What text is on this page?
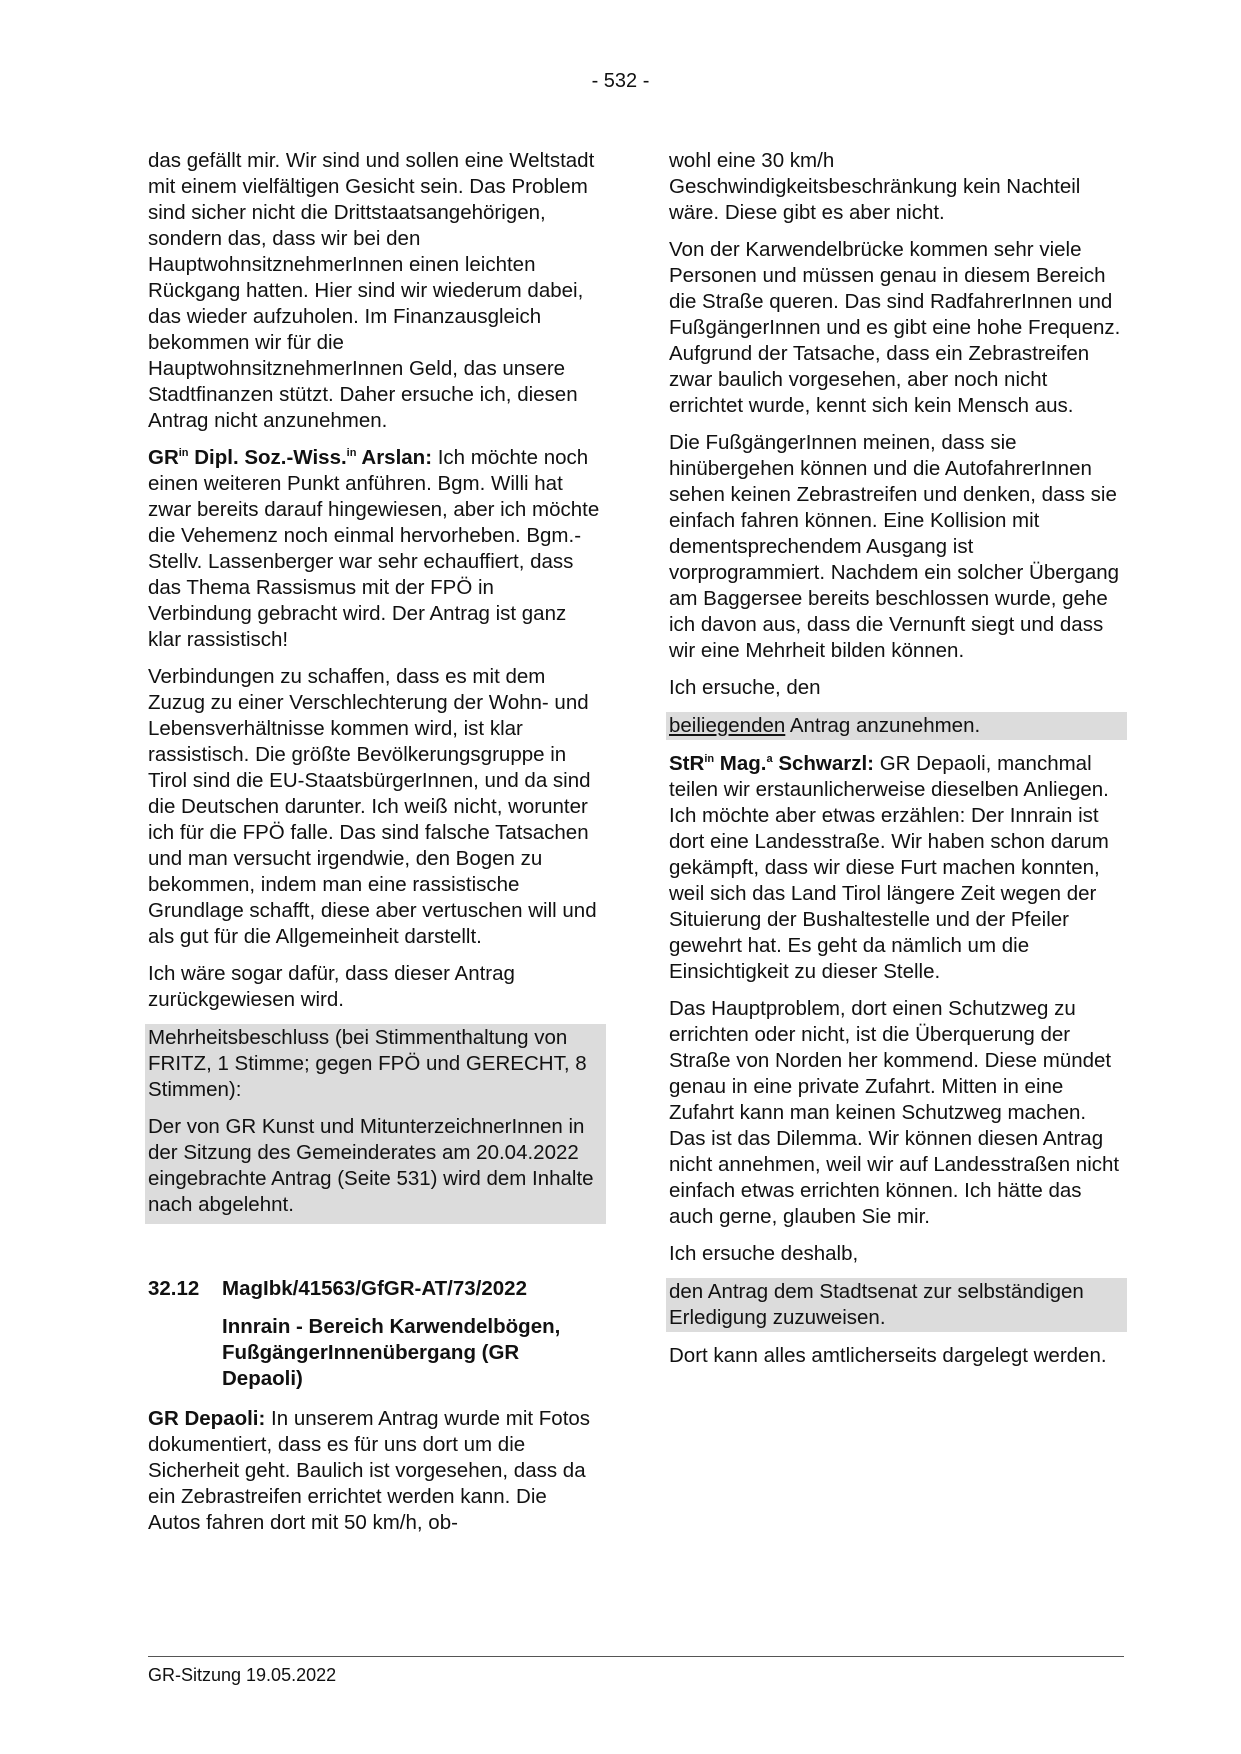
- 532 -

das gefällt mir. Wir sind und sollen eine Weltstadt mit einem vielfältigen Gesicht sein. Das Problem sind sicher nicht die Drittstaatsangehörigen, sondern das, dass wir bei den HauptwohnsitznehmerInnen einen leichten Rückgang hatten. Hier sind wir wiederum dabei, das wieder aufzuholen. Im Finanzausgleich bekommen wir für die HauptwohnsitznehmerInnen Geld, das unsere Stadtfinanzen stützt. Daher ersuche ich, diesen Antrag nicht anzunehmen.

$GR^{in}$ Dipl. Soz.-Wiss.$^{in}$ Arslan: Ich möchte noch einen weiteren Punkt anführen. Bgm. Willi hat zwar bereits darauf hingewiesen, aber ich möchte die Vehemenz noch einmal hervorheben. Bgm.-Stellv. Lassenberger war sehr echauffiert, dass das Thema Rassismus mit der FPÖ in Verbindung gebracht wird. Der Antrag ist ganz klar rassistisch!

Verbindungen zu schaffen, dass es mit dem Zuzug zu einer Verschlechterung der Wohn- und Lebensverhältnisse kommen wird, ist klar rassistisch. Die größte Bevölkerungsgruppe in Tirol sind die EU-StaatsbürgerInnen, und da sind die Deutschen darunter. Ich weiß nicht, worunter ich für die FPÖ falle. Das sind falsche Tatsachen und man versucht irgendwie, den Bogen zu bekommen, indem man eine rassistische Grundlage schafft, diese aber vertuschen will und als gut für die Allgemeinheit darstellt.

Ich wäre sogar dafür, dass dieser Antrag zurückgewiesen wird.

Mehrheitsbeschluss (bei Stimmenthaltung von FRITZ, 1 Stimme; gegen FPÖ und GERECHT, 8 Stimmen):

Der von GR Kunst und MitunterzeichnerInnen in der Sitzung des Gemeinderates am 20.04.2022 eingebrachte Antrag (Seite 531) wird dem Inhalte nach abgelehnt.

32.12	MagIbk/41563/GfGR-AT/73/2022
Innrain - Bereich Karwendelbögen, FußgängerInnenübergang (GR Depaoli)

GR Depaoli: In unserem Antrag wurde mit Fotos dokumentiert, dass es für uns dort um die Sicherheit geht. Baulich ist vorgesehen, dass da ein Zebrastreifen errichtet werden kann. Die Autos fahren dort mit 50 km/h, ob-

wohl eine 30 km/h Geschwindigkeitsbeschränkung kein Nachteil wäre. Diese gibt es aber nicht.

Von der Karwendelbrücke kommen sehr viele Personen und müssen genau in diesem Bereich die Straße queren. Das sind RadfahrerInnen und FußgängerInnen und es gibt eine hohe Frequenz. Aufgrund der Tatsache, dass ein Zebrastreifen zwar baulich vorgesehen, aber noch nicht errichtet wurde, kennt sich kein Mensch aus.

Die FußgängerInnen meinen, dass sie hinübergehen können und die AutofahrerInnen sehen keinen Zebrastreifen und denken, dass sie einfach fahren können. Eine Kollision mit dementsprechendem Ausgang ist vorprogrammiert. Nachdem ein solcher Übergang am Baggersee bereits beschlossen wurde, gehe ich davon aus, dass die Vernunft siegt und dass wir eine Mehrheit bilden können.

Ich ersuche, den

beiliegenden Antrag anzunehmen.

StR$^{in}$ Mag.$^a$ Schwarzl: GR Depaoli, manchmal teilen wir erstaunlicherweise dieselben Anliegen. Ich möchte aber etwas erzählen: Der Innrain ist dort eine Landesstraße. Wir haben schon darum gekämpft, dass wir diese Furt machen konnten, weil sich das Land Tirol längere Zeit wegen der Situierung der Bushaltestelle und der Pfeiler gewehrt hat. Es geht da nämlich um die Einsichtigkeit zu dieser Stelle.

Das Hauptproblem, dort einen Schutzweg zu errichten oder nicht, ist die Überquerung der Straße von Norden her kommend. Diese mündet genau in eine private Zufahrt. Mitten in eine Zufahrt kann man keinen Schutzweg machen. Das ist das Dilemma. Wir können diesen Antrag nicht annehmen, weil wir auf Landesstraßen nicht einfach etwas errichten können. Ich hätte das auch gerne, glauben Sie mir.

Ich ersuche deshalb,

den Antrag dem Stadtsenat zur selbständigen Erledigung zuzuweisen.

Dort kann alles amtlicherseits dargelegt werden.

GR-Sitzung 19.05.2022
